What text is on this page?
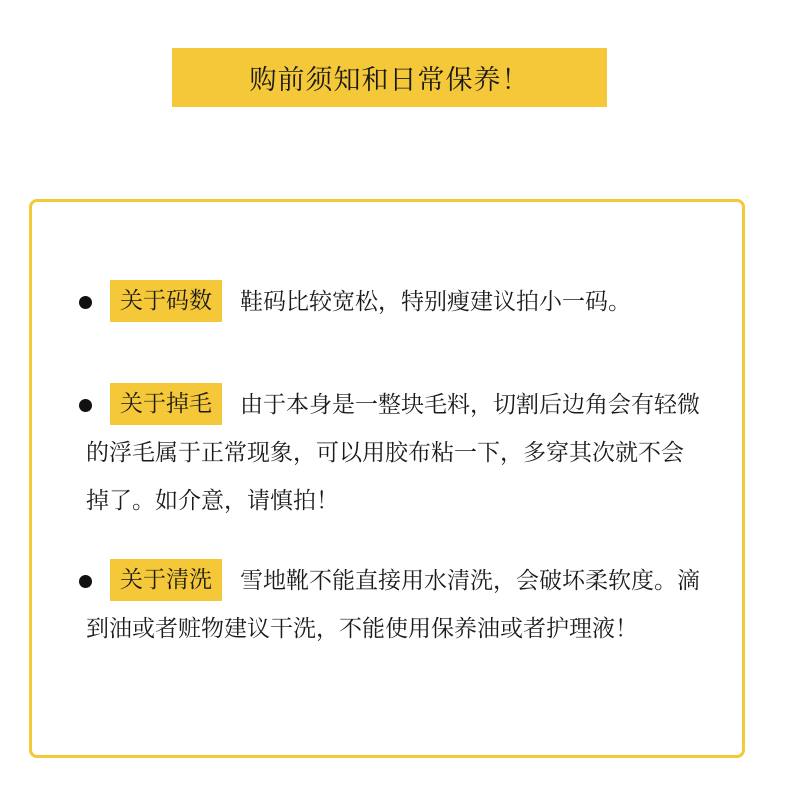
购前须知和日常保养！

关于码数 鞋码比较宽松，特别瘦建议拍小一码。

关于掉毛 由于本身是一整块毛料，切割后边角会有轻微的浮毛属于正常现象，可以用胶布粘一下，多穿其次就不会掉了。如介意，请慎拍！

关于清洗 雪地靴不能直接用水清洗，会破坏柔软度。滴到油或者赃物建议干洗，不能使用保养油或者护理液！
